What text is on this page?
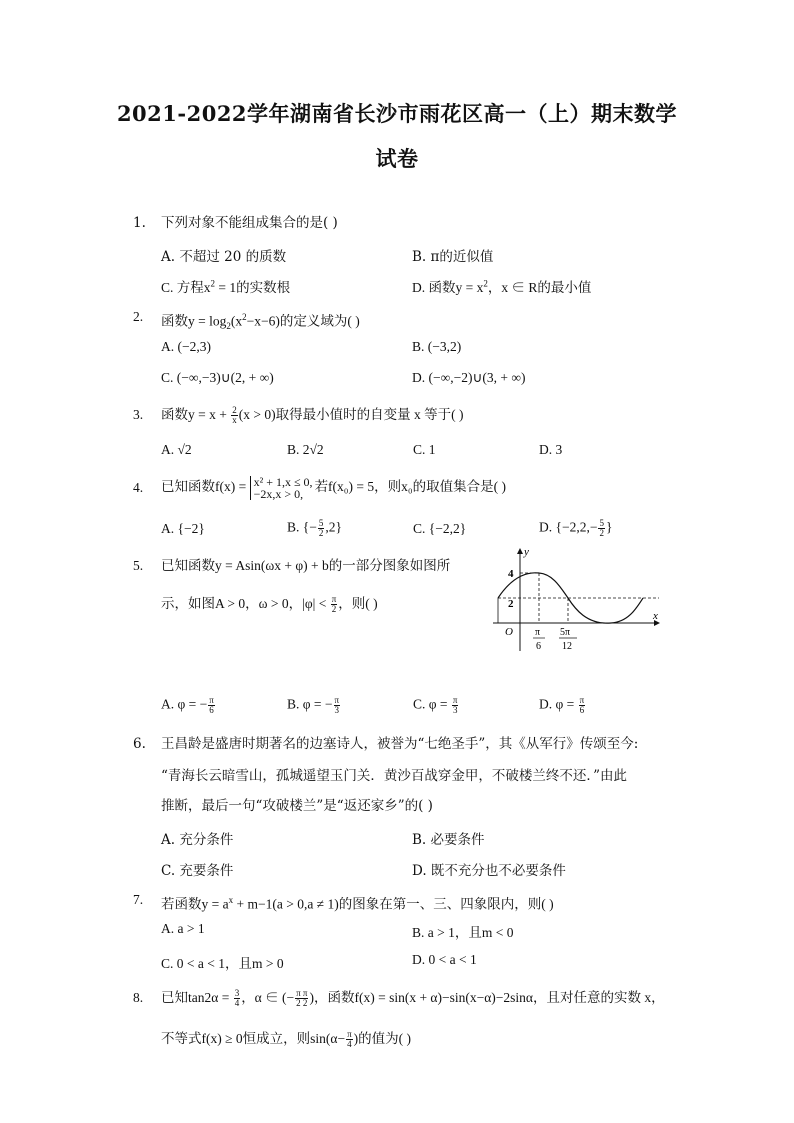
2021-2022学年湖南省长沙市雨花区高一（上）期末数学
试卷
1.	下列对象不能组成集合的是( )
A. 不超过 20 的质数	B. π的近似值
C. 方程$x^2 = 1$的实数根	D. 函数$y = x^2$，x ∈ R的最小值
2.	函数$y = \log_2(x^2-x-6)$的定义域为( )
A. (−2,3)	B. (−3,2)
C. (−∞,−3)∪(2, + ∞)	D. (−∞,−2)∪(3, + ∞)
3.	函数$y = x + \frac{2}{x} (x > 0)$取得最小值时的自变量 x 等于( )
A. √2	B. 2√2	C. 1	D. 3
4.	已知函数f(x) = x² + 1,x ≤ 0,
−2x,x > 0, 若f(x₀) = 5，则x₀的取值集合是( )
A. {−2}	B. {− $\frac{5}{2} ,2$}	C. {−2,2}	D. {$-2,2,- \frac{5}{2}$ }
5.	已知函数y = Asin(ωx + φ) + b的一部分图象如图所
示，如图A > 0，ω > 0，$|\varphi| < \frac{\pi}{2}$ ，则( )
y
x
O
4
2
π
6
5π
12
A. φ = − $\frac{\pi}{6}$	B. φ = − $\frac{\pi}{3}$	C. $\varphi = \frac{\pi}{3}$	D. $\varphi = \frac{\pi}{6}$
6.	王昌龄是盛唐时期著名的边塞诗人，被誉为“七绝圣手”，其《从军行》传颂至今:
“青海长云暗雪山，孤城遥望玉门关．黄沙百战穿金甲，不破楼兰终不还．”由此
推断，最后一句“攻破楼兰”是“返还家乡”的( )
A. 充分条件	B. 必要条件
C. 充要条件	D. 既不充分也不必要条件
7.	若函数$y = a^x + m-1(a > 0,a \ne 1)$的图象在第一、三、四象限内，则( )
A. a > 1	B. a > 1，且m < 0
C. 0 < a < 1，且m > 0	D. 0 < a < 1
8.	已知$\tan 2\alpha = \frac{3}{4}$ ，α ∈ (− $\frac{\text{π π}}{2 2}$ )，函数f(x) = sin(x + α)−sin(x−α)−2sinα，且对任意的实数 x，
不等式f(x) ≥ 0恒成立，则$\sin(\alpha- \frac{\pi}{4}$ )的值为( )
